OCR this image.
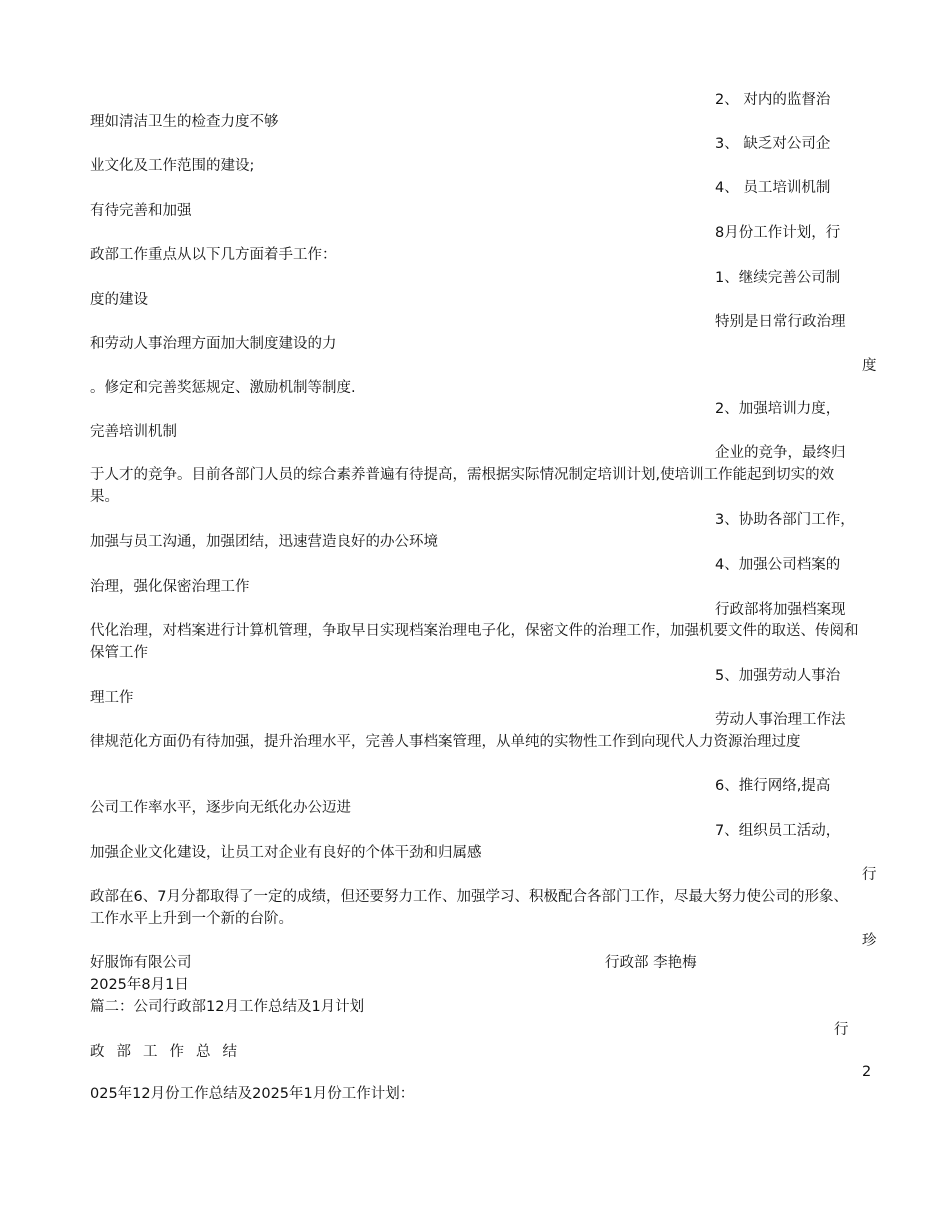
2、 对内的监督治
理如清洁卫生的检查力度不够
3、 缺乏对公司企
业文化及工作范围的建设;
4、 员工培训机制
有待完善和加强
8月份工作计划，行
政部工作重点从以下几方面着手工作：
1、继续完善公司制
度的建设
特别是日常行政治理
和劳动人事治理方面加大制度建设的力
度
。修定和完善奖惩规定、激励机制等制度.
2、加强培训力度，
完善培训机制
企业的竞争，最终归
于人才的竞争。目前各部门人员的综合素养普遍有待提高，需根据实际情况制定培训计划,使培训工作能起到切实的效果。
3、协助各部门工作，
加强与员工沟通，加强团结，迅速营造良好的办公环境
4、加强公司档案的
治理，强化保密治理工作
行政部将加强档案现
代化治理，对档案进行计算机管理，争取早日实现档案治理电子化，保密文件的治理工作，加强机要文件的取送、传阅和保管工作
5、加强劳动人事治
理工作
劳动人事治理工作法
律规范化方面仍有待加强，提升治理水平，完善人事档案管理，从单纯的实物性工作到向现代人力资源治理过度
6、推行网络,提高
公司工作率水平，逐步向无纸化办公迈进
7、组织员工活动，
加强企业文化建设，让员工对企业有良好的个体干劲和归属感
行
政部在6、7月分都取得了一定的成绩，但还要努力工作、加强学习、积极配合各部门工作，尽最大努力使公司的形象、工作水平上升到一个新的台阶。
珍
好服饰有限公司	行政部 李艳梅
2025年8月1日
篇二：公司行政部12月工作总结及1月计划
行
政部工作总结
2
025年12月份工作总结及2025年1月份工作计划：
